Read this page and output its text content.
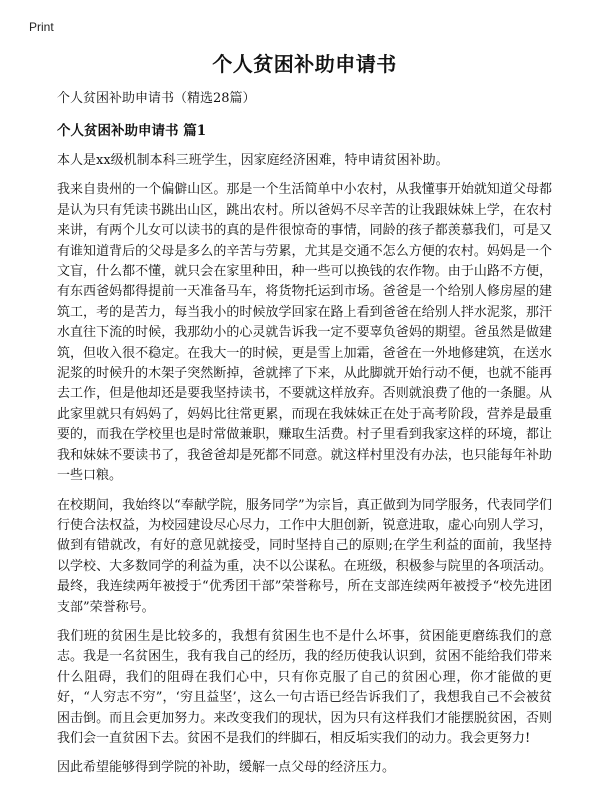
Print
个人贫困补助申请书

个人贫困补助申请书（精选28篇）

个人贫困补助申请书 篇1

本人是xx级机制本科三班学生，因家庭经济困难，特申请贫困补助。

我来自贵州的一个偏僻山区。那是一个生活简单中小农村，从我懂事开始就知道父母都是认为只有凭读书跳出山区，跳出农村。所以爸妈不尽辛苦的让我跟妹妹上学，在农村来讲，有两个儿女可以读书的真的是件很惊奇的事情，同龄的孩子都羡慕我们，可是又有谁知道背后的父母是多么的辛苦与劳累，尤其是交通不怎么方便的农村。妈妈是一个文盲，什么都不懂，就只会在家里种田，种一些可以换钱的农作物。由于山路不方便，有东西爸妈都得提前一天准备马车，将货物托运到市场。爸爸是一个给别人修房屋的建筑工，考的是苦力，每当我小的时候放学回家在路上看到爸爸在给别人拌水泥浆，那汗水直往下流的时候，我那幼小的心灵就告诉我一定不要辜负爸妈的期望。爸虽然是做建筑，但收入很不稳定。在我大一的时候，更是雪上加霜，爸爸在一外地修建筑，在送水泥浆的时候升的木架子突然断掉，爸就摔了下来，从此脚就开始行动不便，也就不能再去工作，但是他却还是要我坚持读书，不要就这样放弃。否则就浪费了他的一条腿。从此家里就只有妈妈了，妈妈比往常更累，而现在我妹妹正在处于高考阶段，营养是最重要的，而我在学校里也是时常做兼职，赚取生活费。村子里看到我家这样的环境，都让我和妹妹不要读书了，我爸爸却是死都不同意。就这样村里没有办法，也只能每年补助一些口粮。

在校期间，我始终以“奉献学院，服务同学”为宗旨，真正做到为同学服务，代表同学们行使合法权益，为校园建设尽心尽力，工作中大胆创新，锐意进取，虚心向别人学习，做到有错就改，有好的意见就接受，同时坚持自己的原则;在学生利益的面前，我坚持以学校、大多数同学的利益为重，决不以公谋私。在班级，积极参与院里的各项活动。最终，我连续两年被授于“优秀团干部”荣誉称号，所在支部连续两年被授予“校先进团支部”荣誉称号。

我们班的贫困生是比较多的，我想有贫困生也不是什么坏事，贫困能更磨练我们的意志。我是一名贫困生，我有我自己的经历，我的经历使我认识到，贫困不能给我们带来什么阻碍，我们的阻碍在我们心中，只有你克服了自己的贫困心理，你才能做的更好，“人穷志不穷”，‘穷且益坚’，这么一句古语已经告诉我们了，我想我自己不会被贫困击倒。而且会更加努力。来改变我们的现状，因为只有这样我们才能摆脱贫困，否则我们会一直贫困下去。贫困不是我们的绊脚石，相反垢实我们的动力。我会更努力!

因此希望能够得到学院的补助，缓解一点父母的经济压力。
